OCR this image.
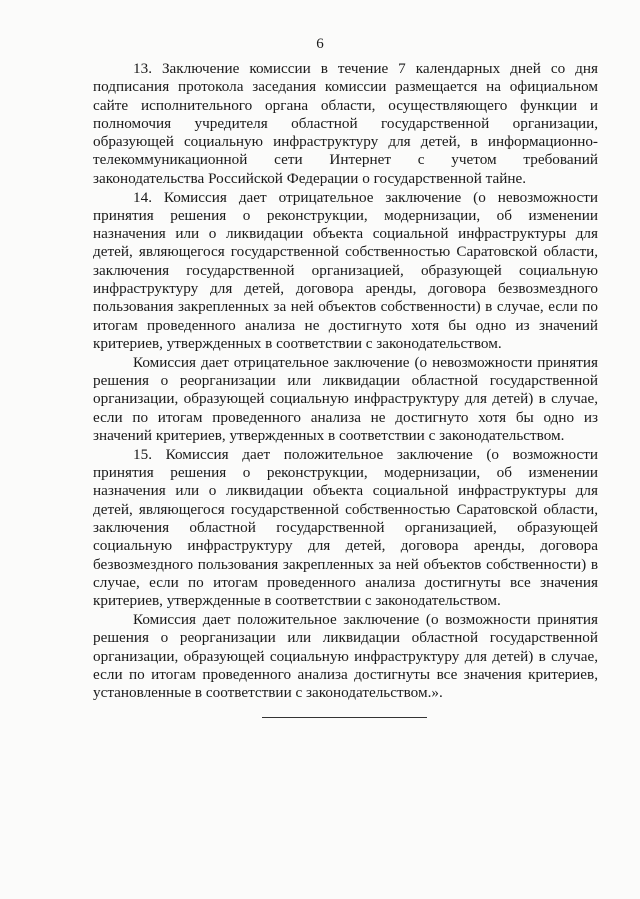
6

13. Заключение комиссии в течение 7 календарных дней со дня подписания протокола заседания комиссии размещается на официальном сайте исполнительного органа области, осуществляющего функции и полномочия учредителя областной государственной организации, образующей социальную инфраструктуру для детей, в информационно-телекоммуникационной сети Интернет с учетом требований законодательства Российской Федерации о государственной тайне.

14. Комиссия дает отрицательное заключение (о невозможности принятия решения о реконструкции, модернизации, об изменении назначения или о ликвидации объекта социальной инфраструктуры для детей, являющегося государственной собственностью Саратовской области, заключения государственной организацией, образующей социальную инфраструктуру для детей, договора аренды, договора безвозмездного пользования закрепленных за ней объектов собственности) в случае, если по итогам проведенного анализа не достигнуто хотя бы одно из значений критериев, утвержденных в соответствии с законодательством.

Комиссия дает отрицательное заключение (о невозможности принятия решения о реорганизации или ликвидации областной государственной организации, образующей социальную инфраструктуру для детей) в случае, если по итогам проведенного анализа не достигнуто хотя бы одно из значений критериев, утвержденных в соответствии с законодательством.

15. Комиссия дает положительное заключение (о возможности принятия решения о реконструкции, модернизации, об изменении назначения или о ликвидации объекта социальной инфраструктуры для детей, являющегося государственной собственностью Саратовской области, заключения областной государственной организацией, образующей социальную инфраструктуру для детей, договора аренды, договора безвозмездного пользования закрепленных за ней объектов собственности) в случае, если по итогам проведенного анализа достигнуты все значения критериев, утвержденные в соответствии с законодательством.

Комиссия дает положительное заключение (о возможности принятия решения о реорганизации или ликвидации областной государственной организации, образующей социальную инфраструктуру для детей) в случае, если по итогам проведенного анализа достигнуты все значения критериев, установленные в соответствии с законодательством.».
